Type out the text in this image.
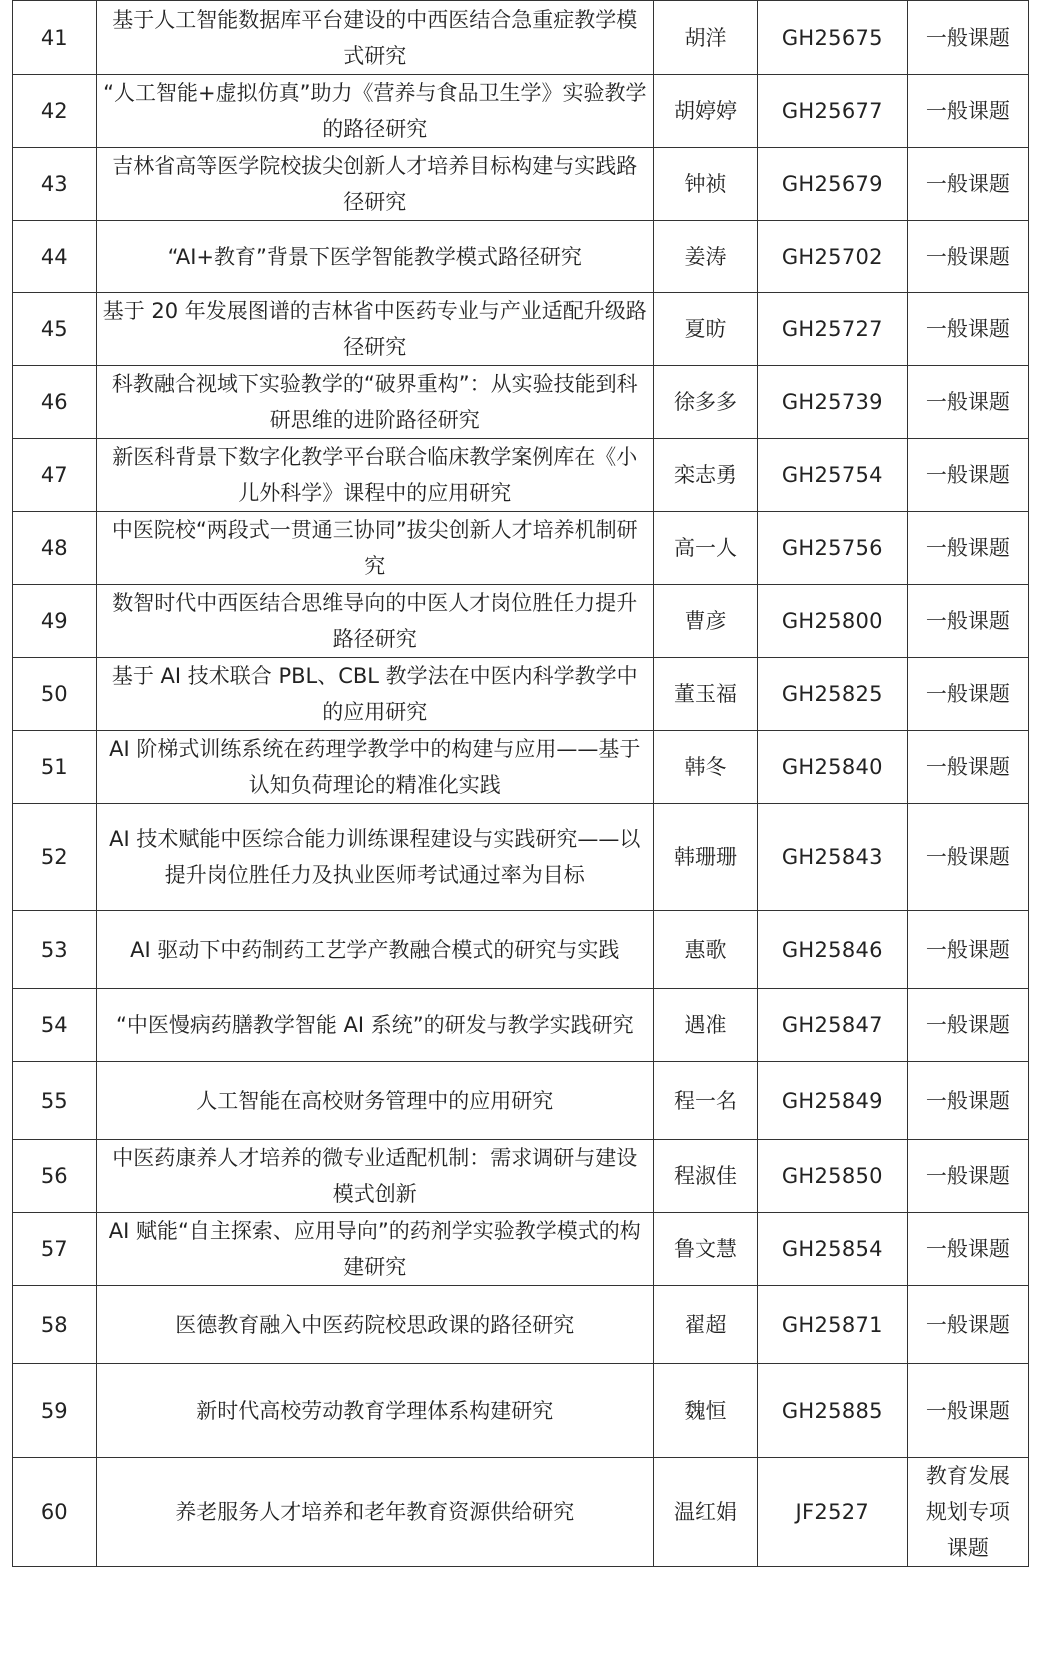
41	基于人工智能数据库平台建设的中西医结合急重症教学模式研究	胡洋	GH25675	一般课题
42	“人工智能+虚拟仿真”助力《营养与食品卫生学》实验教学的路径研究	胡婷婷	GH25677	一般课题
43	吉林省高等医学院校拔尖创新人才培养目标构建与实践路径研究	钟祯	GH25679	一般课题
44	“AI+教育”背景下医学智能教学模式路径研究	姜涛	GH25702	一般课题
45	基于 20 年发展图谱的吉林省中医药专业与产业适配升级路径研究	夏昉	GH25727	一般课题
46	科教融合视域下实验教学的“破界重构”：从实验技能到科研思维的进阶路径研究	徐多多	GH25739	一般课题
47	新医科背景下数字化教学平台联合临床教学案例库在《小儿外科学》课程中的应用研究	栾志勇	GH25754	一般课题
48	中医院校“两段式一贯通三协同”拔尖创新人才培养机制研究	高一人	GH25756	一般课题
49	数智时代中西医结合思维导向的中医人才岗位胜任力提升路径研究	曹彦	GH25800	一般课题
50	基于 AI 技术联合 PBL、CBL 教学法在中医内科学教学中的应用研究	董玉福	GH25825	一般课题
51	AI 阶梯式训练系统在药理学教学中的构建与应用——基于认知负荷理论的精准化实践	韩冬	GH25840	一般课题
52	AI 技术赋能中医综合能力训练课程建设与实践研究——以提升岗位胜任力及执业医师考试通过率为目标	韩珊珊	GH25843	一般课题
53	AI 驱动下中药制药工艺学产教融合模式的研究与实践	惠歌	GH25846	一般课题
54	“中医慢病药膳教学智能 AI 系统”的研发与教学实践研究	遇准	GH25847	一般课题
55	人工智能在高校财务管理中的应用研究	程一名	GH25849	一般课题
56	中医药康养人才培养的微专业适配机制：需求调研与建设模式创新	程淑佳	GH25850	一般课题
57	AI 赋能“自主探索、应用导向”的药剂学实验教学模式的构建研究	鲁文慧	GH25854	一般课题
58	医德教育融入中医药院校思政课的路径研究	翟超	GH25871	一般课题
59	新时代高校劳动教育学理体系构建研究	魏恒	GH25885	一般课题
60	养老服务人才培养和老年教育资源供给研究	温红娟	JF2527	教育发展规划专项课题
